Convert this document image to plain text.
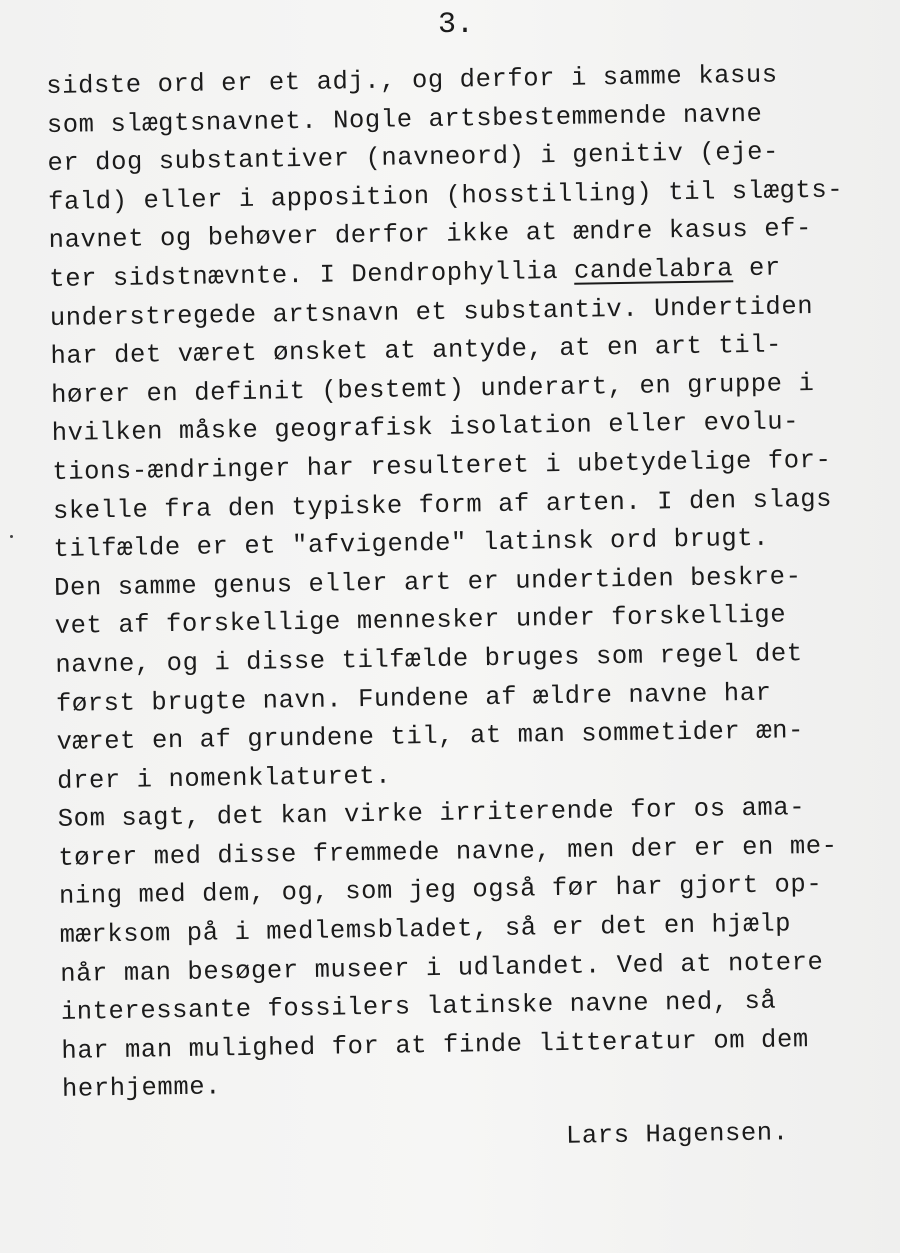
3.
sidste ord er et adj., og derfor i samme kasus
som slægtsnavnet. Nogle artsbestemmende navne
er dog substantiver (navneord) i genitiv (eje-
fald) eller i apposition (hosstilling) til slægts-
navnet og behøver derfor ikke at ændre kasus ef-
ter sidstnævnte. I Dendrophyllia candelabra er
understregede artsnavn et substantiv. Undertiden
har det været ønsket at antyde, at en art til-
hører en definit (bestemt) underart, en gruppe i
hvilken måske geografisk isolation eller evolu-
tions-ændringer har resulteret i ubetydelige for-
skelle fra den typiske form af arten. I den slags
tilfælde er et "afvigende" latinsk ord brugt.
Den samme genus eller art er undertiden beskre-
vet af forskellige mennesker under forskellige
navne, og i disse tilfælde bruges som regel det
først brugte navn. Fundene af ældre navne har
været en af grundene til, at man sommetider æn-
drer i nomenklaturet.
Som sagt, det kan virke irriterende for os ama-
tører med disse fremmede navne, men der er en me-
ning med dem, og, som jeg også før har gjort op-
mærksom på i medlemsbladet, så er det en hjælp
når man besøger museer i udlandet. Ved at notere
interessante fossilers latinske navne ned, så
har man mulighed for at finde litteratur om dem
herhjemme.
Lars Hagensen.
